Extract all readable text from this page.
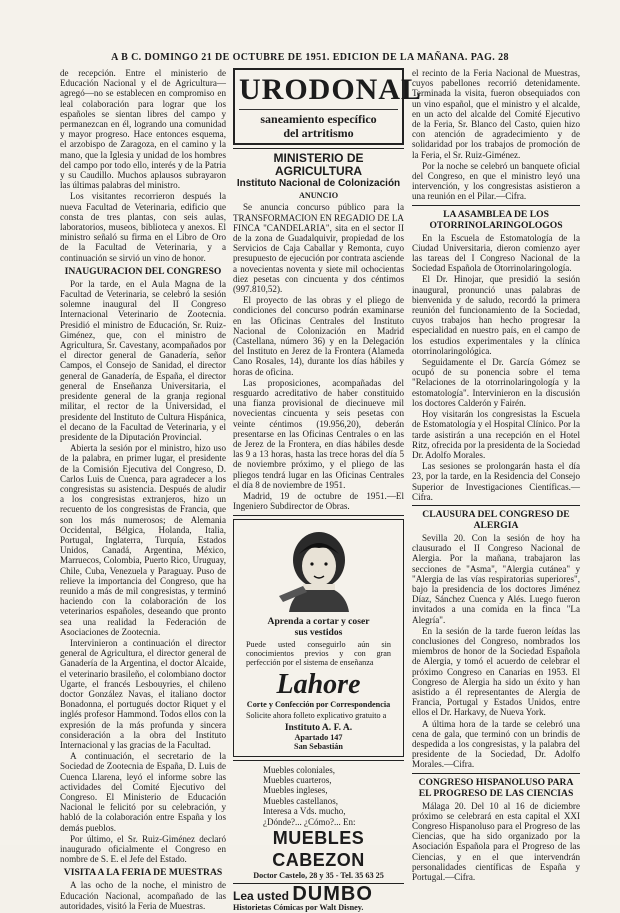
A B C. DOMINGO 21 DE OCTUBRE DE 1951. EDICION DE LA MAÑANA. PAG. 28

de recepción. Entre el ministerio de Educación Nacional y el de Agricultura—agregó—no se establecen en compromiso en leal colaboración para lograr que los españoles se sientan libres del campo y permanezcan en él, logrando una comunidad y mayor progreso. Hace entonces esquema, el arzobispo de Zaragoza, en el camino y la mano, que la Iglesia y unidad de los hombres del campo por todo ello, interés y de la Patria y su Caudillo. Muchos aplausos subrayaron las últimas palabras del ministro.

Los visitantes recorrieron después la nueva Facultad de Veterinaria, edificio que consta de tres plantas, con seis aulas, laboratorios, museos, biblioteca y anexos. El ministro señaló su firma en el Libro de Oro de la Facultad de Veterinaria, y a continuación se sirvió un vino de honor.

INAUGURACION DEL CONGRESO

Por la tarde, en el Aula Magna de la Facultad de Veterinaria, se celebró la sesión solemne inaugural del II Congreso Internacional Veterinario de Zootecnia. Presidió el ministro de Educación, Sr. Ruiz-Giménez, que, con el ministro de Agricultura, Sr. Cavestany, acompañados por el director general de Ganadería, señor Campos, el Consejo de Sanidad, el director general de Ganadería, de España, el director general de Enseñanza Universitaria, el presidente general de la granja regional militar, el rector de la Universidad, el presidente del Instituto de Cultura Hispánica, el decano de la Facultad de Veterinaria, y el presidente de la Diputación Provincial.

Abierta la sesión por el ministro, hizo uso de la palabra, en primer lugar, el presidente de la Comisión Ejecutiva del Congreso, D. Carlos Luis de Cuenca, para agradecer a los congresistas su asistencia. Después de aludir a los congresistas extranjeros, hizo un recuento de los congresistas de Francia, que son los más numerosos; de Alemania Occidental, Bélgica, Holanda, Italia, Portugal, Inglaterra, Turquía, Estados Unidos, Canadá, Argentina, México, Marruecos, Colombia, Puerto Rico, Uruguay, Chile, Cuba, Venezuela y Paraguay. Puso de relieve la importancia del Congreso, que ha reunido a más de mil congresistas, y terminó haciendo con la colaboración de los veterinarios españoles, deseando que pronto sea una realidad la Federación de Asociaciones de Zootecnia.

Intervinieron a continuación el director general de Agricultura, el director general de Ganadería de la Argentina, el doctor Alcaide, el veterinario brasileño, el colombiano doctor Ugarte, el francés Lesbouyries, el chileno doctor González Navas, el italiano doctor Bonadonna, el portugués doctor Riquet y el inglés profesor Hammond. Todos ellos con la expresión de la más profunda y sincera consideración a la obra del Instituto Internacional y las gracias de la Facultad.

A continuación, el secretario de la Sociedad de Zootecnia de España, D. Luis de Cuenca Llarena, leyó el informe sobre las actividades del Comité Ejecutivo del Congreso. El Ministerio de Educación Nacional le felicitó por su celebración, y habló de la colaboración entre España y los demás pueblos.

Por último, el Sr. Ruiz-Giménez declaró inaugurado oficialmente el Congreso en nombre de S. E. el Jefe del Estado.

VISITA A LA FERIA DE MUESTRAS

A las ocho de la noche, el ministro de Educación Nacional, acompañado de las autoridades, visitó la Feria de Muestras.

URODONAL
saneamiento específico
del artritismo
MINISTERIO DE AGRICULTURA
Instituto Nacional de Colonización
ANUNCIO

Se anuncia concurso público para la TRANSFORMACION EN REGADIO DE LA FINCA "CANDELARIA", sita en el sector II de la zona de Guadalquivir, propiedad de los Servicios de Caja Caballar y Remonta, cuyo presupuesto de ejecución por contrata asciende a novecientas noventa y siete mil ochocientas diez pesetas con cincuenta y dos céntimos (997.810,52).

El proyecto de las obras y el pliego de condiciones del concurso podrán examinarse en las Oficinas Centrales del Instituto Nacional de Colonización en Madrid (Castellana, número 36) y en la Delegación del Instituto en Jerez de la Frontera (Alameda Cano Rosales, 14), durante los días hábiles y horas de oficina.

Las proposiciones, acompañadas del resguardo acreditativo de haber constituido una fianza provisional de diecinueve mil novecientas cincuenta y seis pesetas con veinte céntimos (19.956,20), deberán presentarse en las Oficinas Centrales o en las de Jerez de la Frontera, en días hábiles desde las 9 a 13 horas, hasta las trece horas del día 5 de noviembre próximo, y el pliego de las pliegos tendrá lugar en las Oficinas Centrales el día 8 de noviembre de 1951.

Madrid, 19 de octubre de 1951.—El Ingeniero Subdirector de Obras.

Aprenda a cortar y coser
sus vestidos

Puede usted conseguirlo aún sin conocimientos previos y con gran perfección por el sistema de enseñanza

Lahore
Corte y Confección por Correspondencia

Solicite ahora folleto explicativo gratuito a

Instituto A. F. A.
Apartado 147
San Sebastián
Muebles coloniales,
Muebles cuarteros,
Muebles ingleses,
Muebles castellanos,
Interesa a Vds. mucho,
¿Dónde?... ¿Cómo?... En:
MUEBLES CABEZON
Doctor Castelo, 28 y 35 - Tel. 35 63 25
Lea usted DUMBO
Historietas Cómicas por Walt Disney.

el recinto de la Feria Nacional de Muestras, cuyos pabellones recorrió detenidamente. Terminada la visita, fueron obsequiados con un vino español, que el ministro y el alcalde, en un acto del alcalde del Comité Ejecutivo de la Feria, Sr. Blanco del Casto, quien hizo con atención de agradecimiento y de solidaridad por los trabajos de promoción de la Feria, el Sr. Ruiz-Giménez.

Por la noche se celebró un banquete oficial del Congreso, en que el ministro leyó una intervención, y los congresistas asistieron a una reunión en el Pilar.—Cifra.

LA ASAMBLEA DE LOS OTORRINOLARINGOLOGOS

En la Escuela de Estomatología de la Ciudad Universitaria, dieron comienzo ayer las tareas del I Congreso Nacional de la Sociedad Española de Otorrinolaringología.

El Dr. Hinojar, que presidió la sesión inaugural, pronunció unas palabras de bienvenida y de saludo, recordó la primera reunión del funcionamiento de la Sociedad, cuyos trabajos han hecho progresar la especialidad en nuestro país, en el campo de los estudios experimentales y la clínica otorrinolaringológica.

Seguidamente el Dr. García Gómez se ocupó de su ponencia sobre el tema "Relaciones de la otorrinolaringología y la estomatología". Intervinieron en la discusión los doctores Calderón y Fairén.

Hoy visitarán los congresistas la Escuela de Estomatología y el Hospital Clínico. Por la tarde asistirán a una recepción en el Hotel Ritz, ofrecida por la presidenta de la Sociedad Dr. Adolfo Morales.

Las sesiones se prolongarán hasta el día 23, por la tarde, en la Residencia del Consejo Superior de Investigaciones Científicas.—Cifra.

CLAUSURA DEL CONGRESO DE ALERGIA

Sevilla 20. Con la sesión de hoy ha clausurado el II Congreso Nacional de Alergia. Por la mañana, trabajaron las secciones de "Asma", "Alergia cutánea" y "Alergia de las vías respiratorias superiores", bajo la presidencia de los doctores Jiménez Díaz, Sánchez Cuenca y Alés. Luego fueron invitados a una comida en la finca "La Alegría".

En la sesión de la tarde fueron leídas las conclusiones del Congreso, nombrados los miembros de honor de la Sociedad Española de Alergia, y tomó el acuerdo de celebrar el próximo Congreso en Canarias en 1953. El Congreso de Alergia ha sido un éxito y han asistido a él representantes de Alergia de Francia, Portugal y Estados Unidos, entre ellos el Dr. Harkavy, de Nueva York.

A última hora de la tarde se celebró una cena de gala, que terminó con un brindis de despedida a los congresistas, y la palabra del presidente de la Sociedad, Dr. Adolfo Morales.—Cifra.

CONGRESO HISPANOLUSO PARA EL PROGRESO DE LAS CIENCIAS

Málaga 20. Del 10 al 16 de diciembre próximo se celebrará en esta capital el XXI Congreso Hispanoluso para el Progreso de las Ciencias, que ha sido organizado por la Asociación Española para el Progreso de las Ciencias, y en el que intervendrán personalidades científicas de España y Portugal.—Cifra.
